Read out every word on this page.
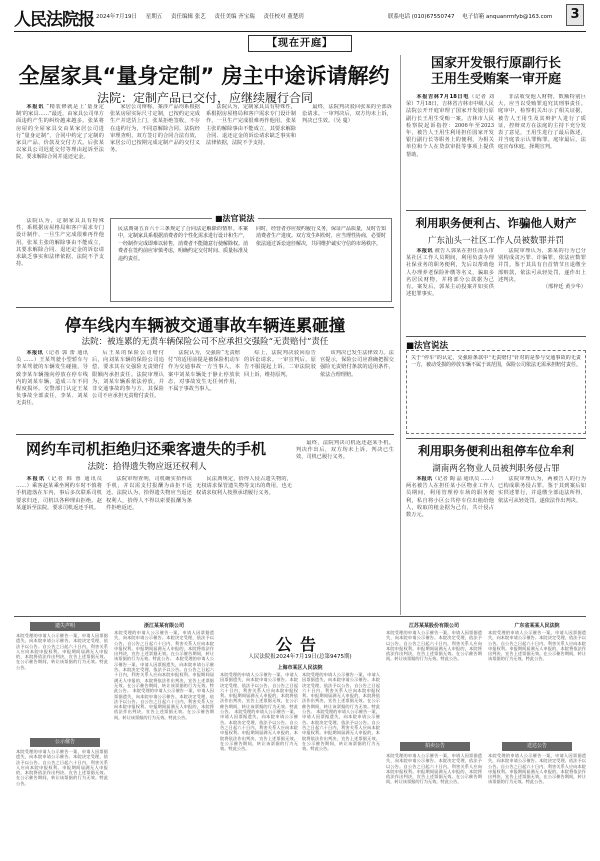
人民法院报 2024年7月19日 星期五 责任编辑 张艺 责任美编 齐宝瑞 责任校对 董楚玥	联系电话 (010)67550747 电子信箱 anquanrmfyb@163.com	3
【现在开庭】
全屋家具“量身定制” 房主中途诉请解约
法院：定制产品已交付，应继续履行合同

本报讯 “精装修就是上‘量身定制’的家具……”最近，由家具公司单方面违约产生的纠纷越来越多。张某将房屋的全屋家具交由某家居公司进行“量身定制”，合同中约定了定制的家具产品、价款及交付方式。后张某以家具公司迟延交付等理由起诉至法院，要求解除合同并退还定金。

家居公司辩称，案涉产品均系根据张某房屋实际尺寸定制，已按约定完成生产并送货上门，张某拒绝签收，不存在违约行为，不同意解除合同。法院经审理查明，双方签订的合同合法有效，家居公司已按期完成定制产品的交付义务。

法院认为，定制家具具有特殊性，系根据房屋格局和客户需求专门设计制作，一旦生产完成很难再作他用。张某主张的解除事由不能成立，其要求解除合同、退还定金的诉讼请求缺乏事实和法律依据，法院不予支持。

最终，法院判决驳回张某的全部诉讼请求。一审判决后，双方均未上诉，判决已生效。（吴 蔓）

■法官说法
民法典第五百六十三条规定了合同法定解除的情形。本案中，定制家具系根据消费者的个性化需求进行设计和生产，一经制作完成即难以转售，消费者不能随意行使解除权。消费者在签约前应审慎考虑，明确约定交付时间、质量标准及违约责任。
同时，经营者亦应按约履行义务，保证产品质量，及时告知消费者生产进度。双方发生纠纷时，应当理性协商，必要时依法通过诉讼途径解决，共同维护诚实守信的市场秩序。

法院认为，定制家具具有特殊性，系根据房屋格局和客户需求专门设计制作，一旦生产完成很难再作他用。张某主张的解除事由不能成立，其要求解除合同、退还定金的诉讼请求缺乏事实和法律依据，法院不予支持。

国家开发银行原副行长
王用生受贿案一审开庭

本报吉林7月18日电（记者 刘 荣）7月18日，吉林省吉林市中级人民法院公开开庭审理了国家开发银行原副行长王用生受贿一案。吉林市人民检察院起诉指控：2006年至2023年，被告人王用生利用担任国家开发银行副行长等职务上的便利，为相关单位和个人在贷款审批等事项上提供帮助。

非法收受他人财物，数额特别巨大，应当以受贿罪追究其刑事责任。庭审中，检察机关出示了相关证据，被告人王用生及其辩护人进行了质证，控辩双方在法庭的主持下充分发表了意见，王用生进行了最后陈述，并当庭表示认罪悔罪。庭审最后，法庭宣布休庭，择期宣判。

利用职务便利占、诈骗他人财产
广东汕头一社区工作人员被数罪并罚

本报讯 被告人郭某在担任汕头市某社区工作人员期间，利用负责办理社保业务的职务便利，先后以帮助他人办理养老保险补缴等名义，骗取多名居民财物，并将部分公款据为己有。案发后，郭某主动投案并如实供述犯罪事实。

法院审理认为，郭某的行为已分别构成贪污罪、诈骗罪，依法应数罪并罚。鉴于其具有自首情节且退缴全部赃款，依法可从轻处罚，遂作出上述判决。

（邢梓廷 黄少华）

停车线内车辆被交通事故车辆连累砸撞
法院：被连累的无责车辆保险公司不应承担交强险“无责赔付”责任

本报讯（记者 郭 蕾 通讯员 ……）王某驾驶小型轿车与李某驾驶的车辆发生碰撞，导致李某车辆撞向停放在停车线内的刘某车辆，造成三车不同程度损坏。交警部门认定王某负事故全部责任，李某、刘某无责任。

后王某的保险公司赔付后，向刘某车辆的保险公司追偿，要求其在交强险无责赔付限额内承担责任。法院审理认为，刘某车辆系依法停放，并非交通事故的参与方，其保险公司不应承担无责赔付责任。

法院认为，交强险“无责赔付”的适用前提是被保险机动车作为交通事故一方当事人，本案中刘某车辆处于静止停放状态，对事故发生无任何作用，不属于事故当事人。

综上，法院判决驳回原告的诉讼请求。一审宣判后，原告不服提起上诉，二审法院驳回上诉，维持原判。

该判决已发生法律效力。法官提示，保险公司应准确把握交强险无责赔付条款的适用条件，依法合理理赔。

■法官说法
关于“停车”的认定，交强险条款中“无责赔付”针对的是参与交通事故的无责一方，被动受损的停放车辆不属于该范围，保险公司依法无需承担赔付责任。
网约车司机拒绝归还乘客遗失的手机
法院：拾得遗失物应返还权利人

本报讯（记者 韩 蓉 通讯员 ……）乘客赵某乘坐网约车时不慎将手机遗落在车内，事后多次联系司机要求归还，司机以各种理由拒绝。赵某遂诉至法院，要求司机返还手机。

法院审理查明，司机确实拾得该手机，并以需支付报酬为由拒不返还。法院认为，拾得遗失物应当返还权利人，拾得人不得以索要报酬为条件拒绝返还。

民法典规定，拾得人侵占遗失物的，无权请求保管遗失物等支出的费用，也无权请求权利人按照承诺履行义务。

最终，法院判决司机返还赵某手机。判决作出后，双方均未上诉，判决已生效，司机已履行义务。	利用职务便利出租停车位牟利
湖南两名物业人员被判职务侵占罪

本报讯（记者 陶 晶 通讯员 ……）两名被告人在担任某小区物业工作人员期间，利用管理停车场的职务便利，私自将小区公共停车位出租给他人，收取的租金据为己有，共计侵占数万元。

法院审理认为，两被告人的行为已构成职务侵占罪。鉴于其到案后如实供述罪行，并退缴全部违法所得，依法可从轻处罚，遂依法作出判决。

遗失声明
本院受理的申请人公示催告一案，申请人因票据遗失，向本院申请公示催告。本院决定受理，依法予以公告。自公告之日起六十日内，利害关系人应向本院申报权利。申报期间届满无人申报的，本院将依法作出判决，宣告上述票据无效。在公示催告期间，转让该票据的行为无效。特此公告。
公示催告
本院受理的申请人公示催告一案，申请人因票据遗失，向本院申请公示催告。本院决定受理，依法予以公告。自公告之日起六十日内，利害关系人应向本院申报权利。申报期间届满无人申报的，本院将依法作出判决，宣告上述票据无效。在公示催告期间，转让该票据的行为无效。特此公告。
浙江某某有限公司
本院受理的申请人公示催告一案，申请人因票据遗失，向本院申请公示催告。本院决定受理，依法予以公告。自公告之日起六十日内，利害关系人应向本院申报权利。申报期间届满无人申报的，本院将依法作出判决，宣告上述票据无效。在公示催告期间，转让该票据的行为无效。特此公告。 本院受理的申请人公示催告一案，申请人因票据遗失，向本院申请公示催告。本院决定受理，依法予以公告。自公告之日起六十日内，利害关系人应向本院申报权利。申报期间届满无人申报的，本院将依法作出判决，宣告上述票据无效。在公示催告期间，转让该票据的行为无效。特此公告。 本院受理的申请人公示催告一案，申请人因票据遗失，向本院申请公示催告。本院决定受理，依法予以公告。自公告之日起六十日内，利害关系人应向本院申报权利。申报期间届满无人申报的，本院将依法作出判决，宣告上述票据无效。在公示催告期间，转让该票据的行为无效。特此公告。
公告
人民法院报2024年7月19日(总第9475期)
上海市某区人民法院
本院受理的申请人公示催告一案，申请人因票据遗失，向本院申请公示催告。本院决定受理，依法予以公告。自公告之日起六十日内，利害关系人应向本院申报权利。申报期间届满无人申报的，本院将依法作出判决，宣告上述票据无效。在公示催告期间，转让该票据的行为无效。特此公告。 本院受理的申请人公示催告一案，申请人因票据遗失，向本院申请公示催告。本院决定受理，依法予以公告。自公告之日起六十日内，利害关系人应向本院申报权利。申报期间届满无人申报的，本院将依法作出判决，宣告上述票据无效。在公示催告期间，转让该票据的行为无效。特此公告。
本院受理的申请人公示催告一案，申请人因票据遗失，向本院申请公示催告。本院决定受理，依法予以公告。自公告之日起六十日内，利害关系人应向本院申报权利。申报期间届满无人申报的，本院将依法作出判决，宣告上述票据无效。在公示催告期间，转让该票据的行为无效。特此公告。 本院受理的申请人公示催告一案，申请人因票据遗失，向本院申请公示催告。本院决定受理，依法予以公告。自公告之日起六十日内，利害关系人应向本院申报权利。申报期间届满无人申报的，本院将依法作出判决，宣告上述票据无效。在公示催告期间，转让该票据的行为无效。特此公告。
江苏某某股份有限公司
本院受理的申请人公示催告一案，申请人因票据遗失，向本院申请公示催告。本院决定受理，依法予以公告。自公告之日起六十日内，利害关系人应向本院申报权利。申报期间届满无人申报的，本院将依法作出判决，宣告上述票据无效。在公示催告期间，转让该票据的行为无效。特此公告。
拍卖公告
本院受理的申请人公示催告一案，申请人因票据遗失，向本院申请公示催告。本院决定受理，依法予以公告。自公告之日起六十日内，利害关系人应向本院申报权利。申报期间届满无人申报的，本院将依法作出判决，宣告上述票据无效。在公示催告期间，转让该票据的行为无效。特此公告。
广东省某某人民法院
本院受理的申请人公示催告一案，申请人因票据遗失，向本院申请公示催告。本院决定受理，依法予以公告。自公告之日起六十日内，利害关系人应向本院申报权利。申报期间届满无人申报的，本院将依法作出判决，宣告上述票据无效。在公示催告期间，转让该票据的行为无效。特此公告。
送达公告
本院受理的申请人公示催告一案，申请人因票据遗失，向本院申请公示催告。本院决定受理，依法予以公告。自公告之日起六十日内，利害关系人应向本院申报权利。申报期间届满无人申报的，本院将依法作出判决，宣告上述票据无效。在公示催告期间，转让该票据的行为无效。特此公告。
